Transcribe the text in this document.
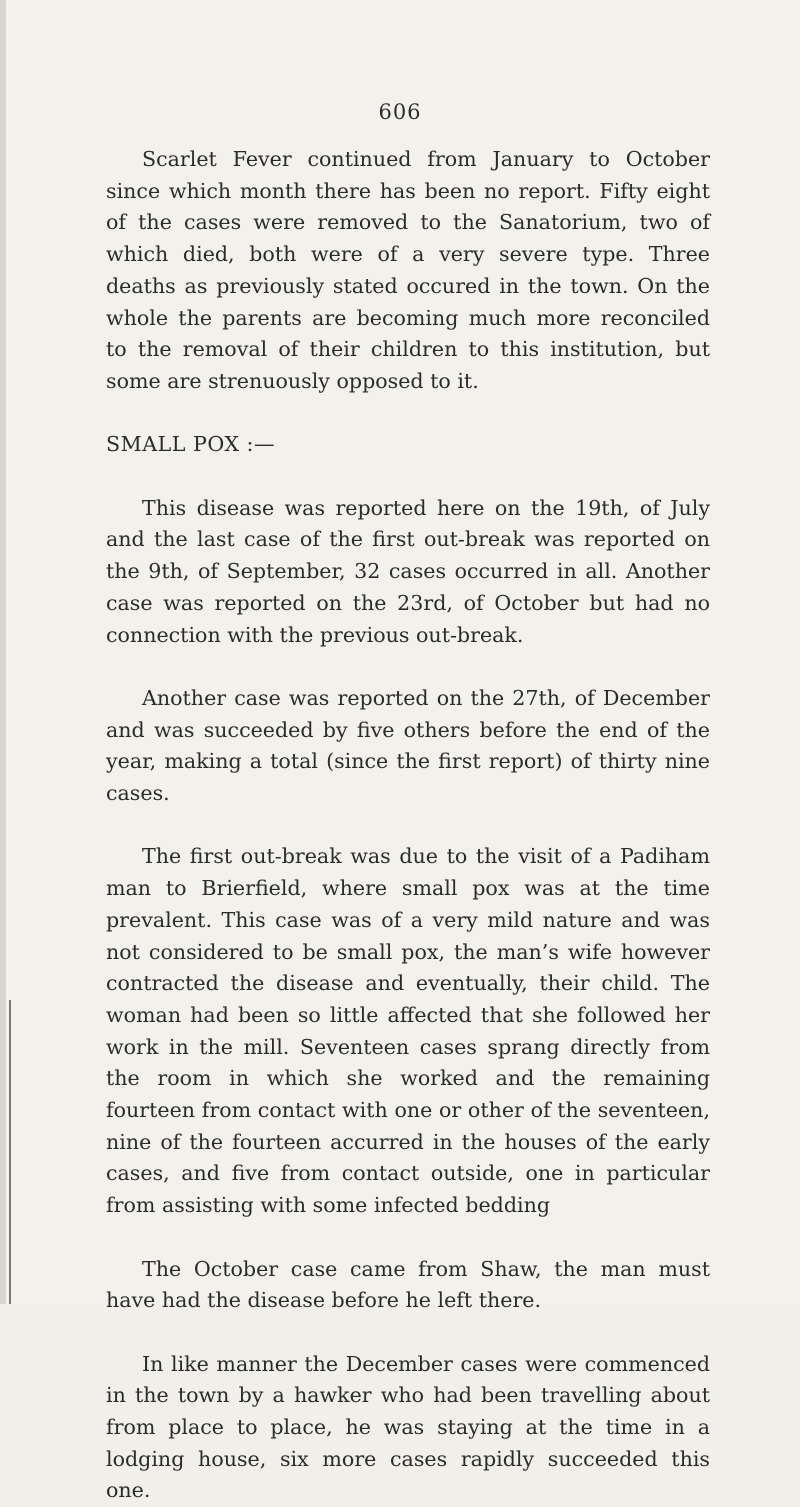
606

Scarlet Fever continued from January to October since which month there has been no report. Fifty eight of the cases were removed to the Sanatorium, two of which died, both were of a very severe type. Three deaths as previously stated occured in the town. On the whole the parents are becoming much more reconciled to the removal of their children to this institution, but some are strenuously opposed to it.

SMALL POX :—

This disease was reported here on the 19th, of July and the last case of the first out-break was reported on the 9th, of September, 32 cases occurred in all. Another case was reported on the 23rd, of October but had no connection with the previous out-break.

Another case was reported on the 27th, of December and was succeeded by five others before the end of the year, making a total (since the first report) of thirty nine cases.

The first out-break was due to the visit of a Padiham man to Brierfield, where small pox was at the time prevalent. This case was of a very mild nature and was not considered to be small pox, the man’s wife however contracted the disease and eventually, their child. The woman had been so little affected that she followed her work in the mill. Seventeen cases sprang directly from the room in which she worked and the remaining fourteen from contact with one or other of the seventeen, nine of the fourteen accurred in the houses of the early cases, and five from contact outside, one in particular from assisting with some infected bedding

The October case came from Shaw, the man must have had the disease before he left there.

In like manner the December cases were commenced in the town by a hawker who had been travelling about from place to place, he was staying at the time in a lodging house, six more cases rapidly succeeded this one.
